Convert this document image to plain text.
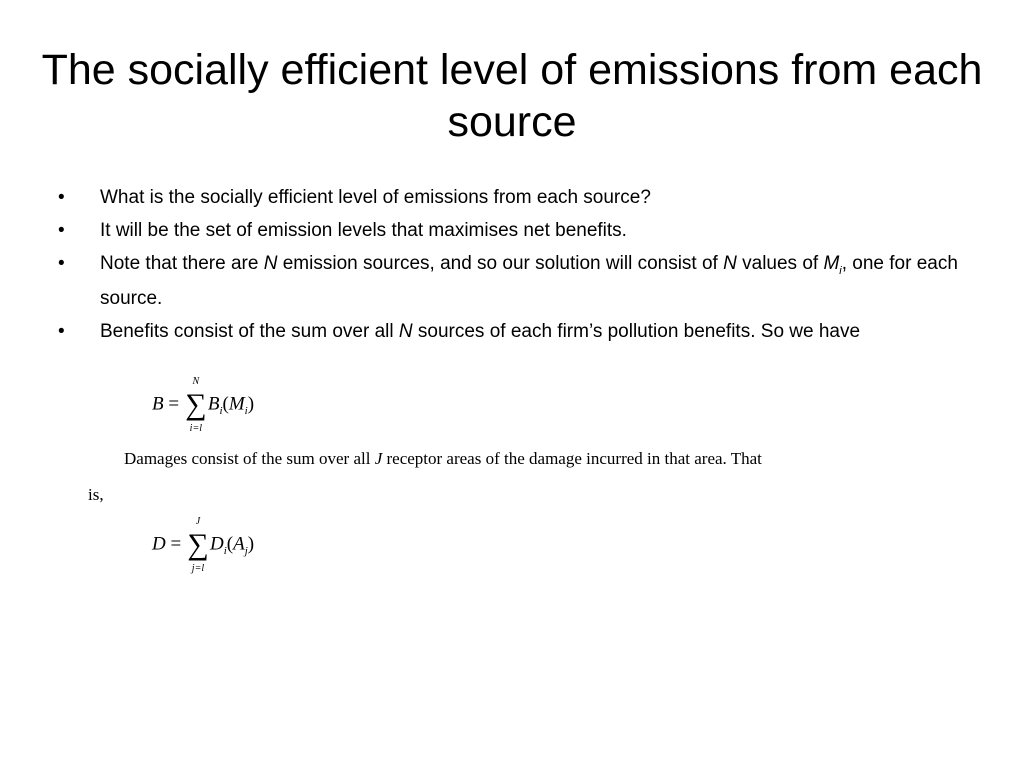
The socially efficient level of emissions from each source
• What is the socially efficient level of emissions from each source?
• It will be the set of emission levels that maximises net benefits.
• Note that there are N emission sources, and so our solution will consist of N values of $M_i$, one for each source.
• Benefits consist of the sum over all N sources of each firm’s pollution benefits. So we have
B =
N
∑
i=l
$B_i(M_i)$
Damages consist of the sum over all J receptor areas of the damage incurred in that area. That
is,
D =
J
∑
j=l
$D_i(A_j)$
